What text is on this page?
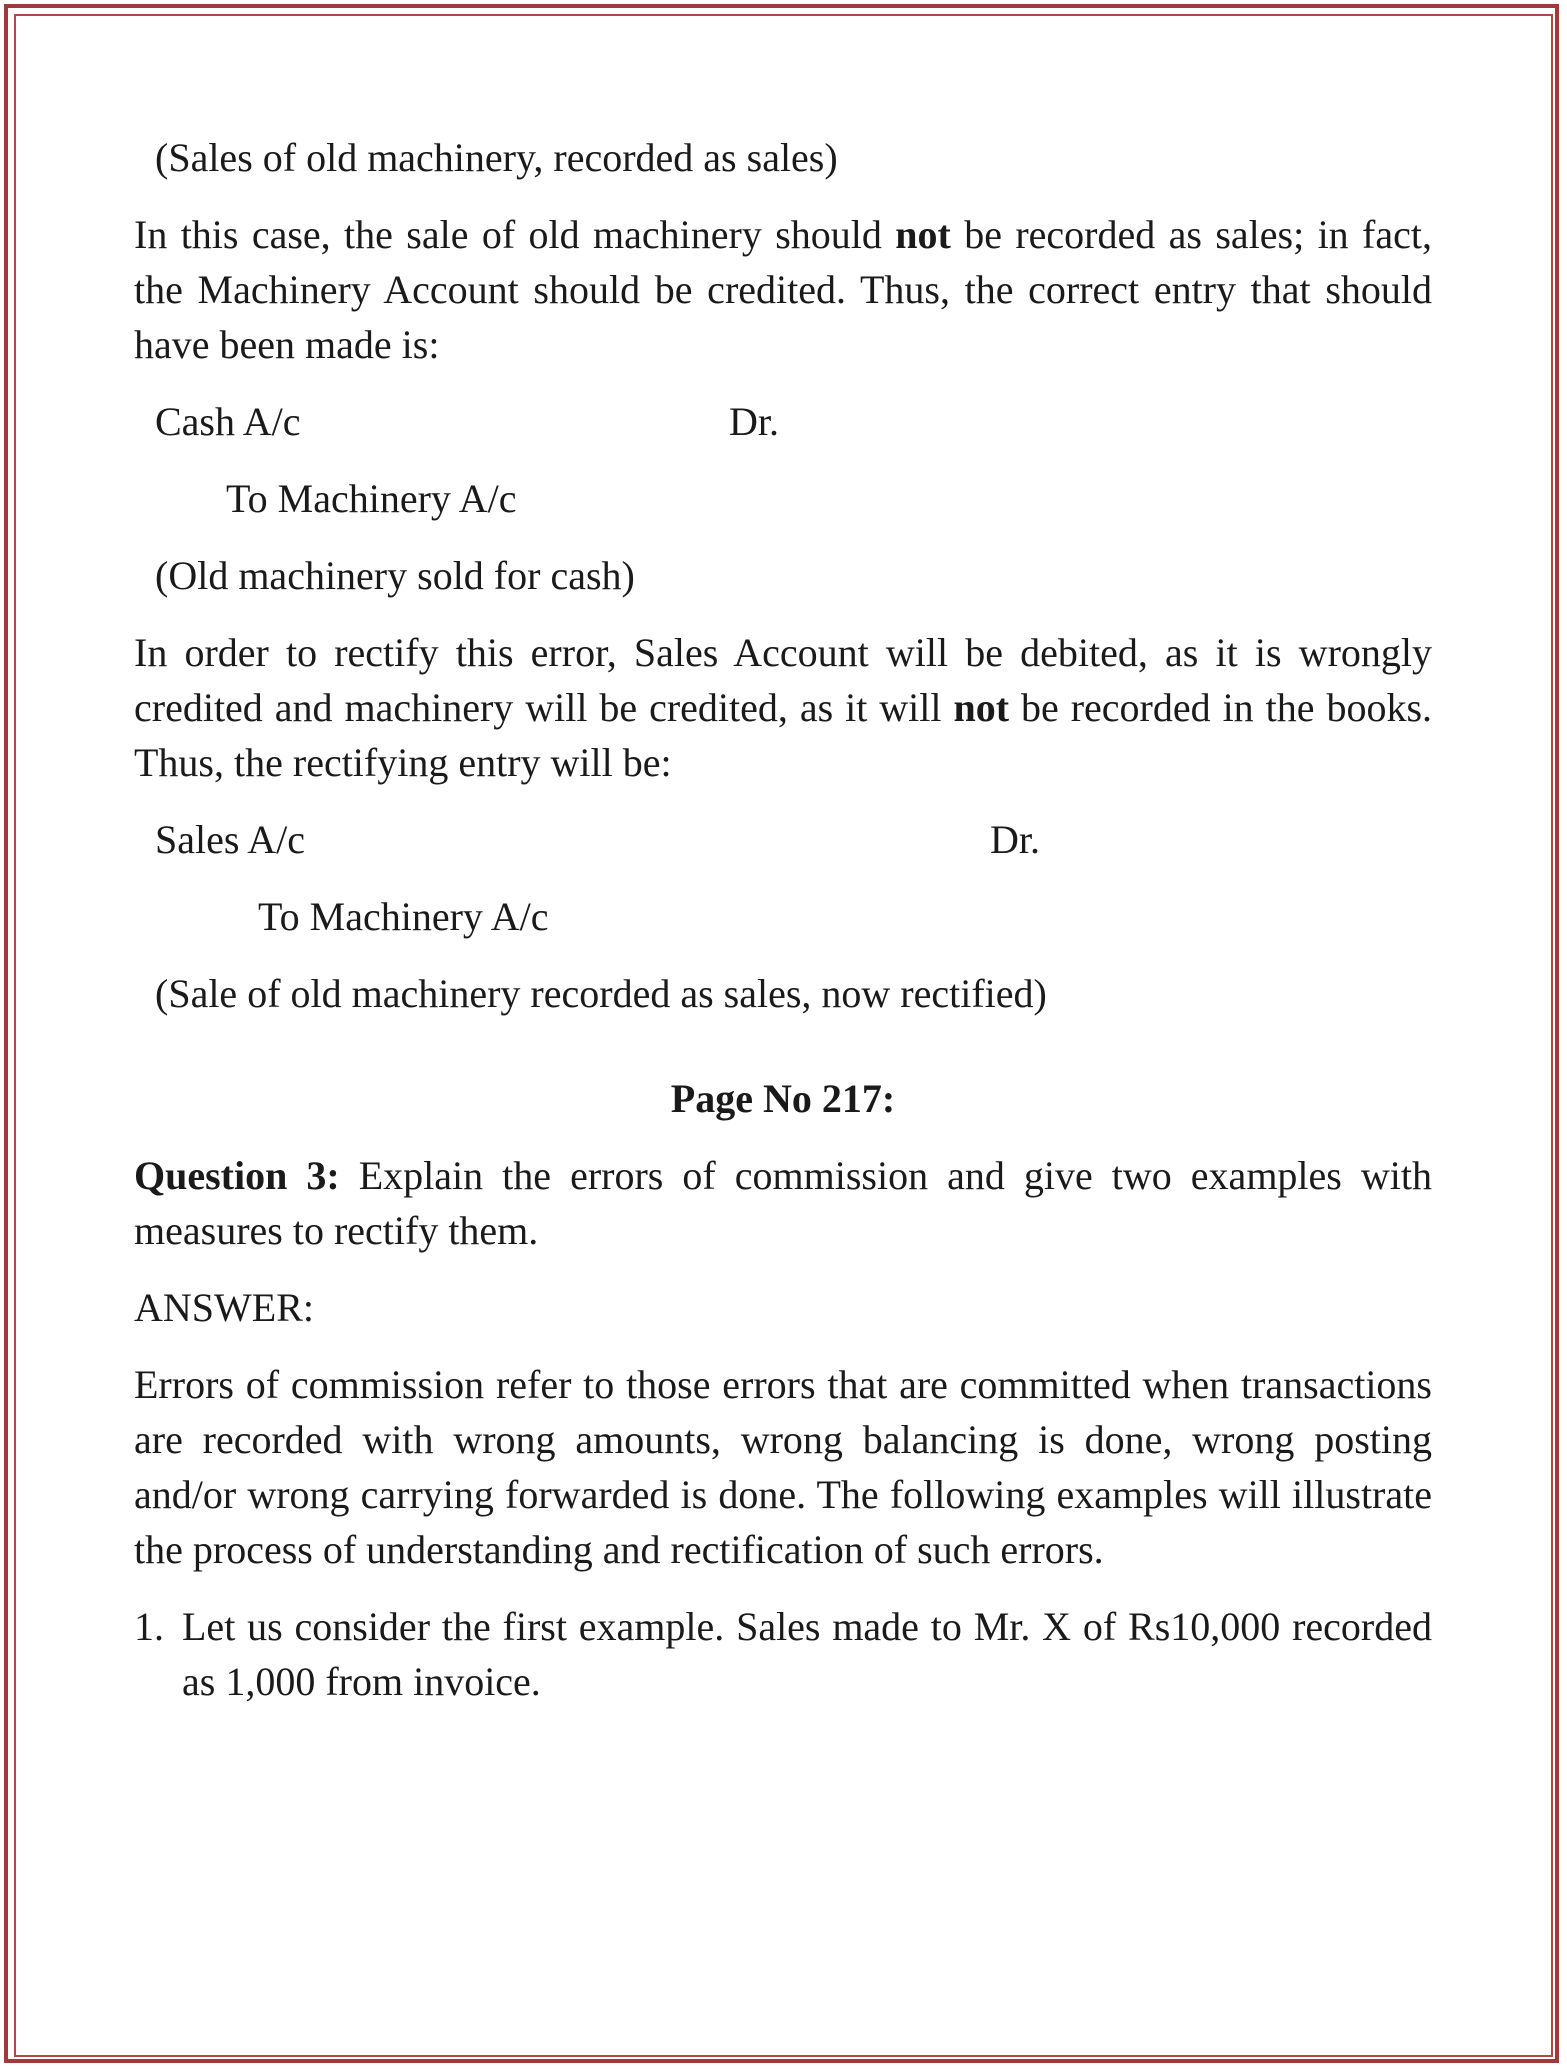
(Sales of old machinery, recorded as sales)

In this case, the sale of old machinery should not be recorded as sales; in fact, the Machinery Account should be credited. Thus, the correct entry that should have been made is:

Cash A/c	Dr.

To Machinery A/c

(Old machinery sold for cash)

In order to rectify this error, Sales Account will be debited, as it is wrongly credited and machinery will be credited, as it will not be recorded in the books. Thus, the rectifying entry will be:

Sales A/c	Dr.

To Machinery A/c

(Sale of old machinery recorded as sales, now rectified)

Page No 217:

Question 3: Explain the errors of commission and give two examples with measures to rectify them.

ANSWER:

Errors of commission refer to those errors that are committed when transactions are recorded with wrong amounts, wrong balancing is done, wrong posting and/or wrong carrying forwarded is done. The following examples will illustrate the process of understanding and rectification of such errors.

1. Let us consider the first example. Sales made to Mr. X of Rs10,000 recorded as 1,000 from invoice.
